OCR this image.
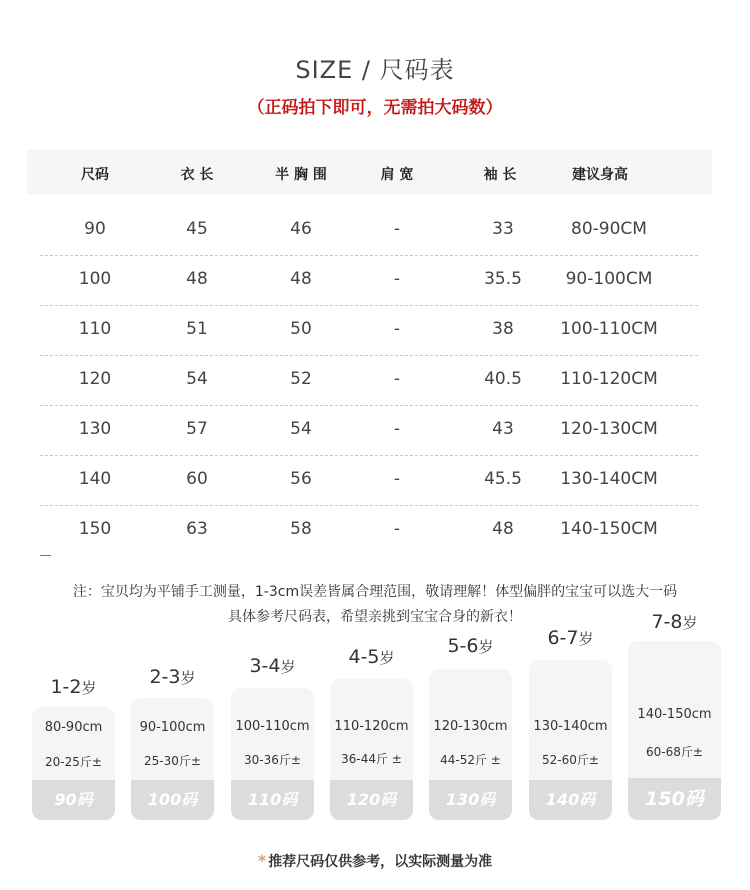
SIZE / 尺码表
（正码拍下即可，无需拍大码数）
尺码	衣 长	半 胸 围	肩 宽	袖 长	建议身高
90	45	46	-	33	80-90CM
100	48	48	-	35.5	90-100CM
110	51	50	-	38	100-110CM
120	54	52	-	40.5 110-120CM
130	57	54	-	43	120-130CM
140	60	56	-	45.5 130-140CM
150	63	58	-	48	140-150CM
注：宝贝均为平铺手工测量，1-3cm误差皆属合理范围，敬请理解！体型偏胖的宝宝可以选大一码
具体参考尺码表，希望亲挑到宝宝合身的新衣！
1-2岁
80-90cm
20-25斤±
90码
2-3岁
90-100cm
25-30斤±
100码
3-4岁
100-110cm
30-36斤±
110码
4-5岁
110-120cm
36-44斤 ±
120码
5-6岁
120-130cm
44-52斤 ±
130码
6-7岁
130-140cm
52-60斤±
140码
7-8岁
140-150cm
60-68斤±
150码
* 推荐尺码仅供参考，以实际测量为准
